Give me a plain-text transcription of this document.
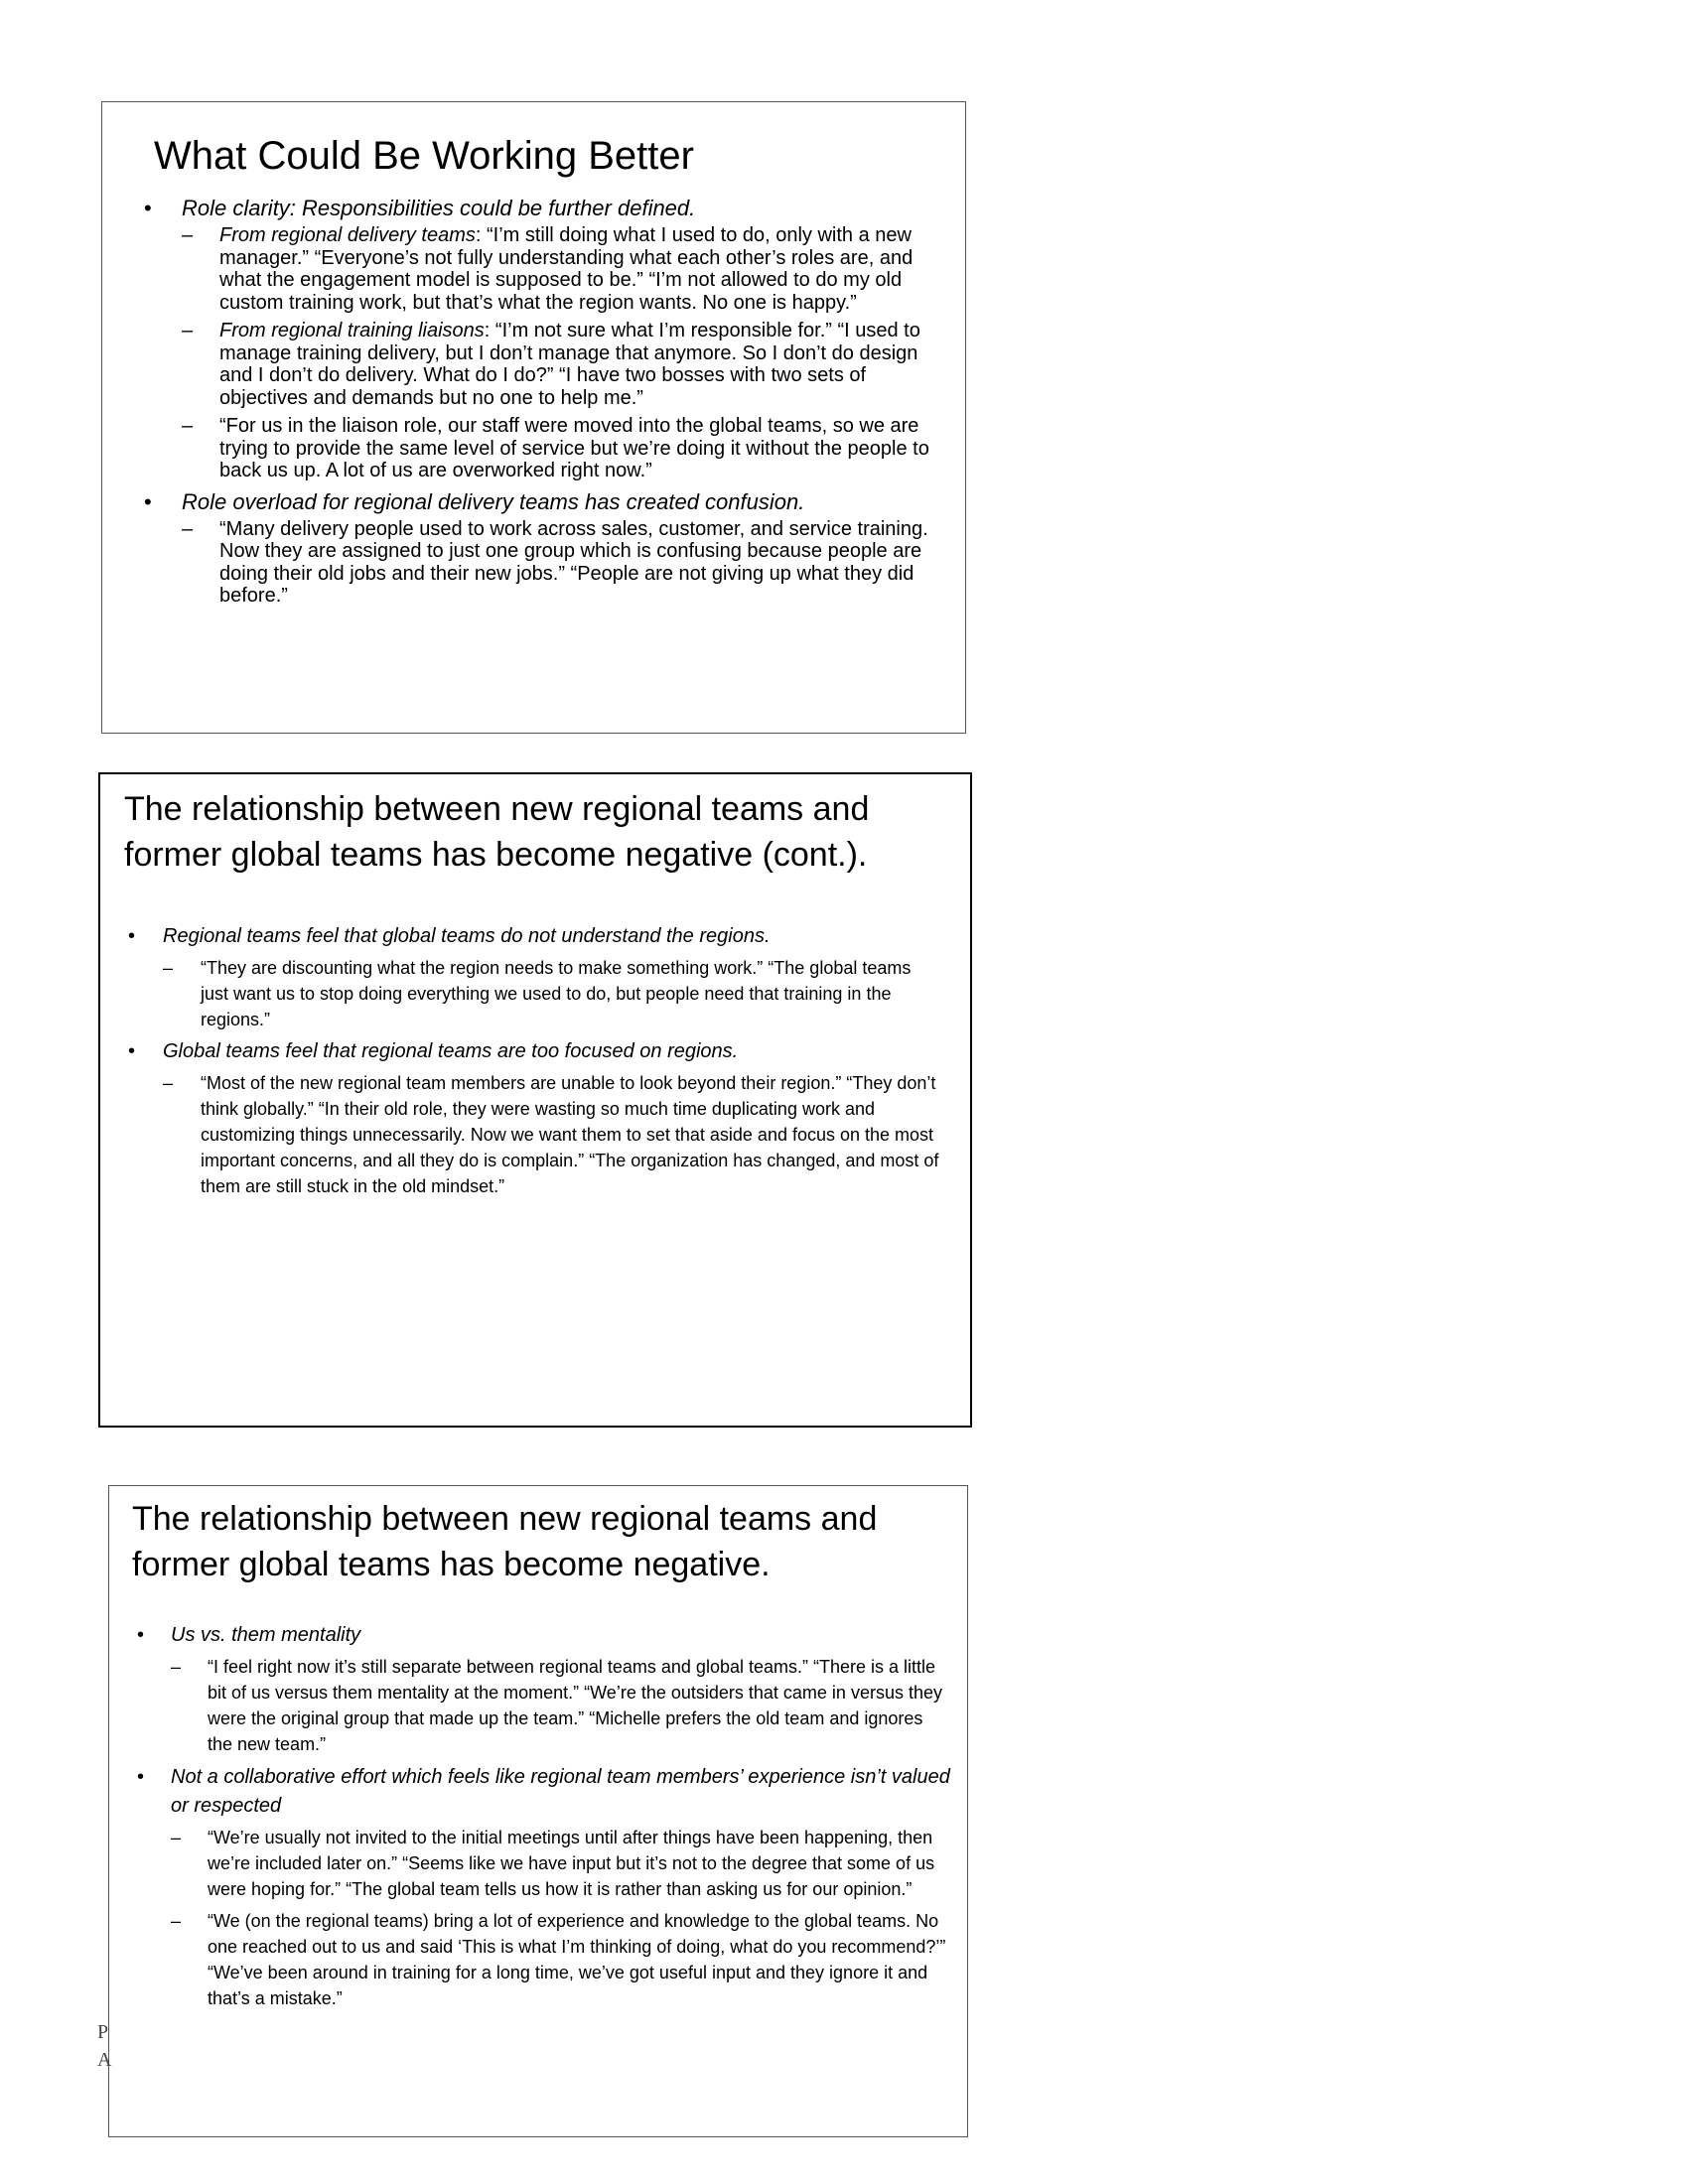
What Could Be Working Better
• Role clarity: Responsibilities could be further defined.
– From regional delivery teams: “I’m still doing what I used to do, only with a new manager.” “Everyone’s not fully understanding what each other’s roles are, and what the engagement model is supposed to be.” “I’m not allowed to do my old custom training work, but that’s what the region wants. No one is happy.”
– From regional training liaisons: “I’m not sure what I’m responsible for.” “I used to manage training delivery, but I don’t manage that anymore. So I don’t do design and I don’t do delivery. What do I do?” “I have two bosses with two sets of objectives and demands but no one to help me.”
– “For us in the liaison role, our staff were moved into the global teams, so we are trying to provide the same level of service but we’re doing it without the people to back us up. A lot of us are overworked right now.”
• Role overload for regional delivery teams has created confusion.
– “Many delivery people used to work across sales, customer, and service training. Now they are assigned to just one group which is confusing because people are doing their old jobs and their new jobs.” “People are not giving up what they did before.”
The relationship between new regional teams and former global teams has become negative (cont.).
• Regional teams feel that global teams do not understand the regions.
– “They are discounting what the region needs to make something work.” “The global teams just want us to stop doing everything we used to do, but people need that training in the regions.”
• Global teams feel that regional teams are too focused on regions.
– “Most of the new regional team members are unable to look beyond their region.” “They don’t think globally.” “In their old role, they were wasting so much time duplicating work and customizing things unnecessarily. Now we want them to set that aside and focus on the most important concerns, and all they do is complain.” “The organization has changed, and most of them are still stuck in the old mindset.”
The relationship between new regional teams and former global teams has become negative.
• Us vs. them mentality
– “I feel right now it’s still separate between regional teams and global teams.” “There is a little bit of us versus them mentality at the moment.” “We’re the outsiders that came in versus they were the original group that made up the team.” “Michelle prefers the old team and ignores the new team.”
• Not a collaborative effort which feels like regional team members’ experience isn’t valued or respected
– “We’re usually not invited to the initial meetings until after things have been happening, then we’re included later on.” “Seems like we have input but it’s not to the degree that some of us were hoping for.” “The global team tells us how it is rather than asking us for our opinion.”
– “We (on the regional teams) bring a lot of experience and knowledge to the global teams. No one reached out to us and said ‘This is what I’m thinking of doing, what do you recommend?’” “We’ve been around in training for a long time, we’ve got useful input and they ignore it and that’s a mistake.”
P
A
